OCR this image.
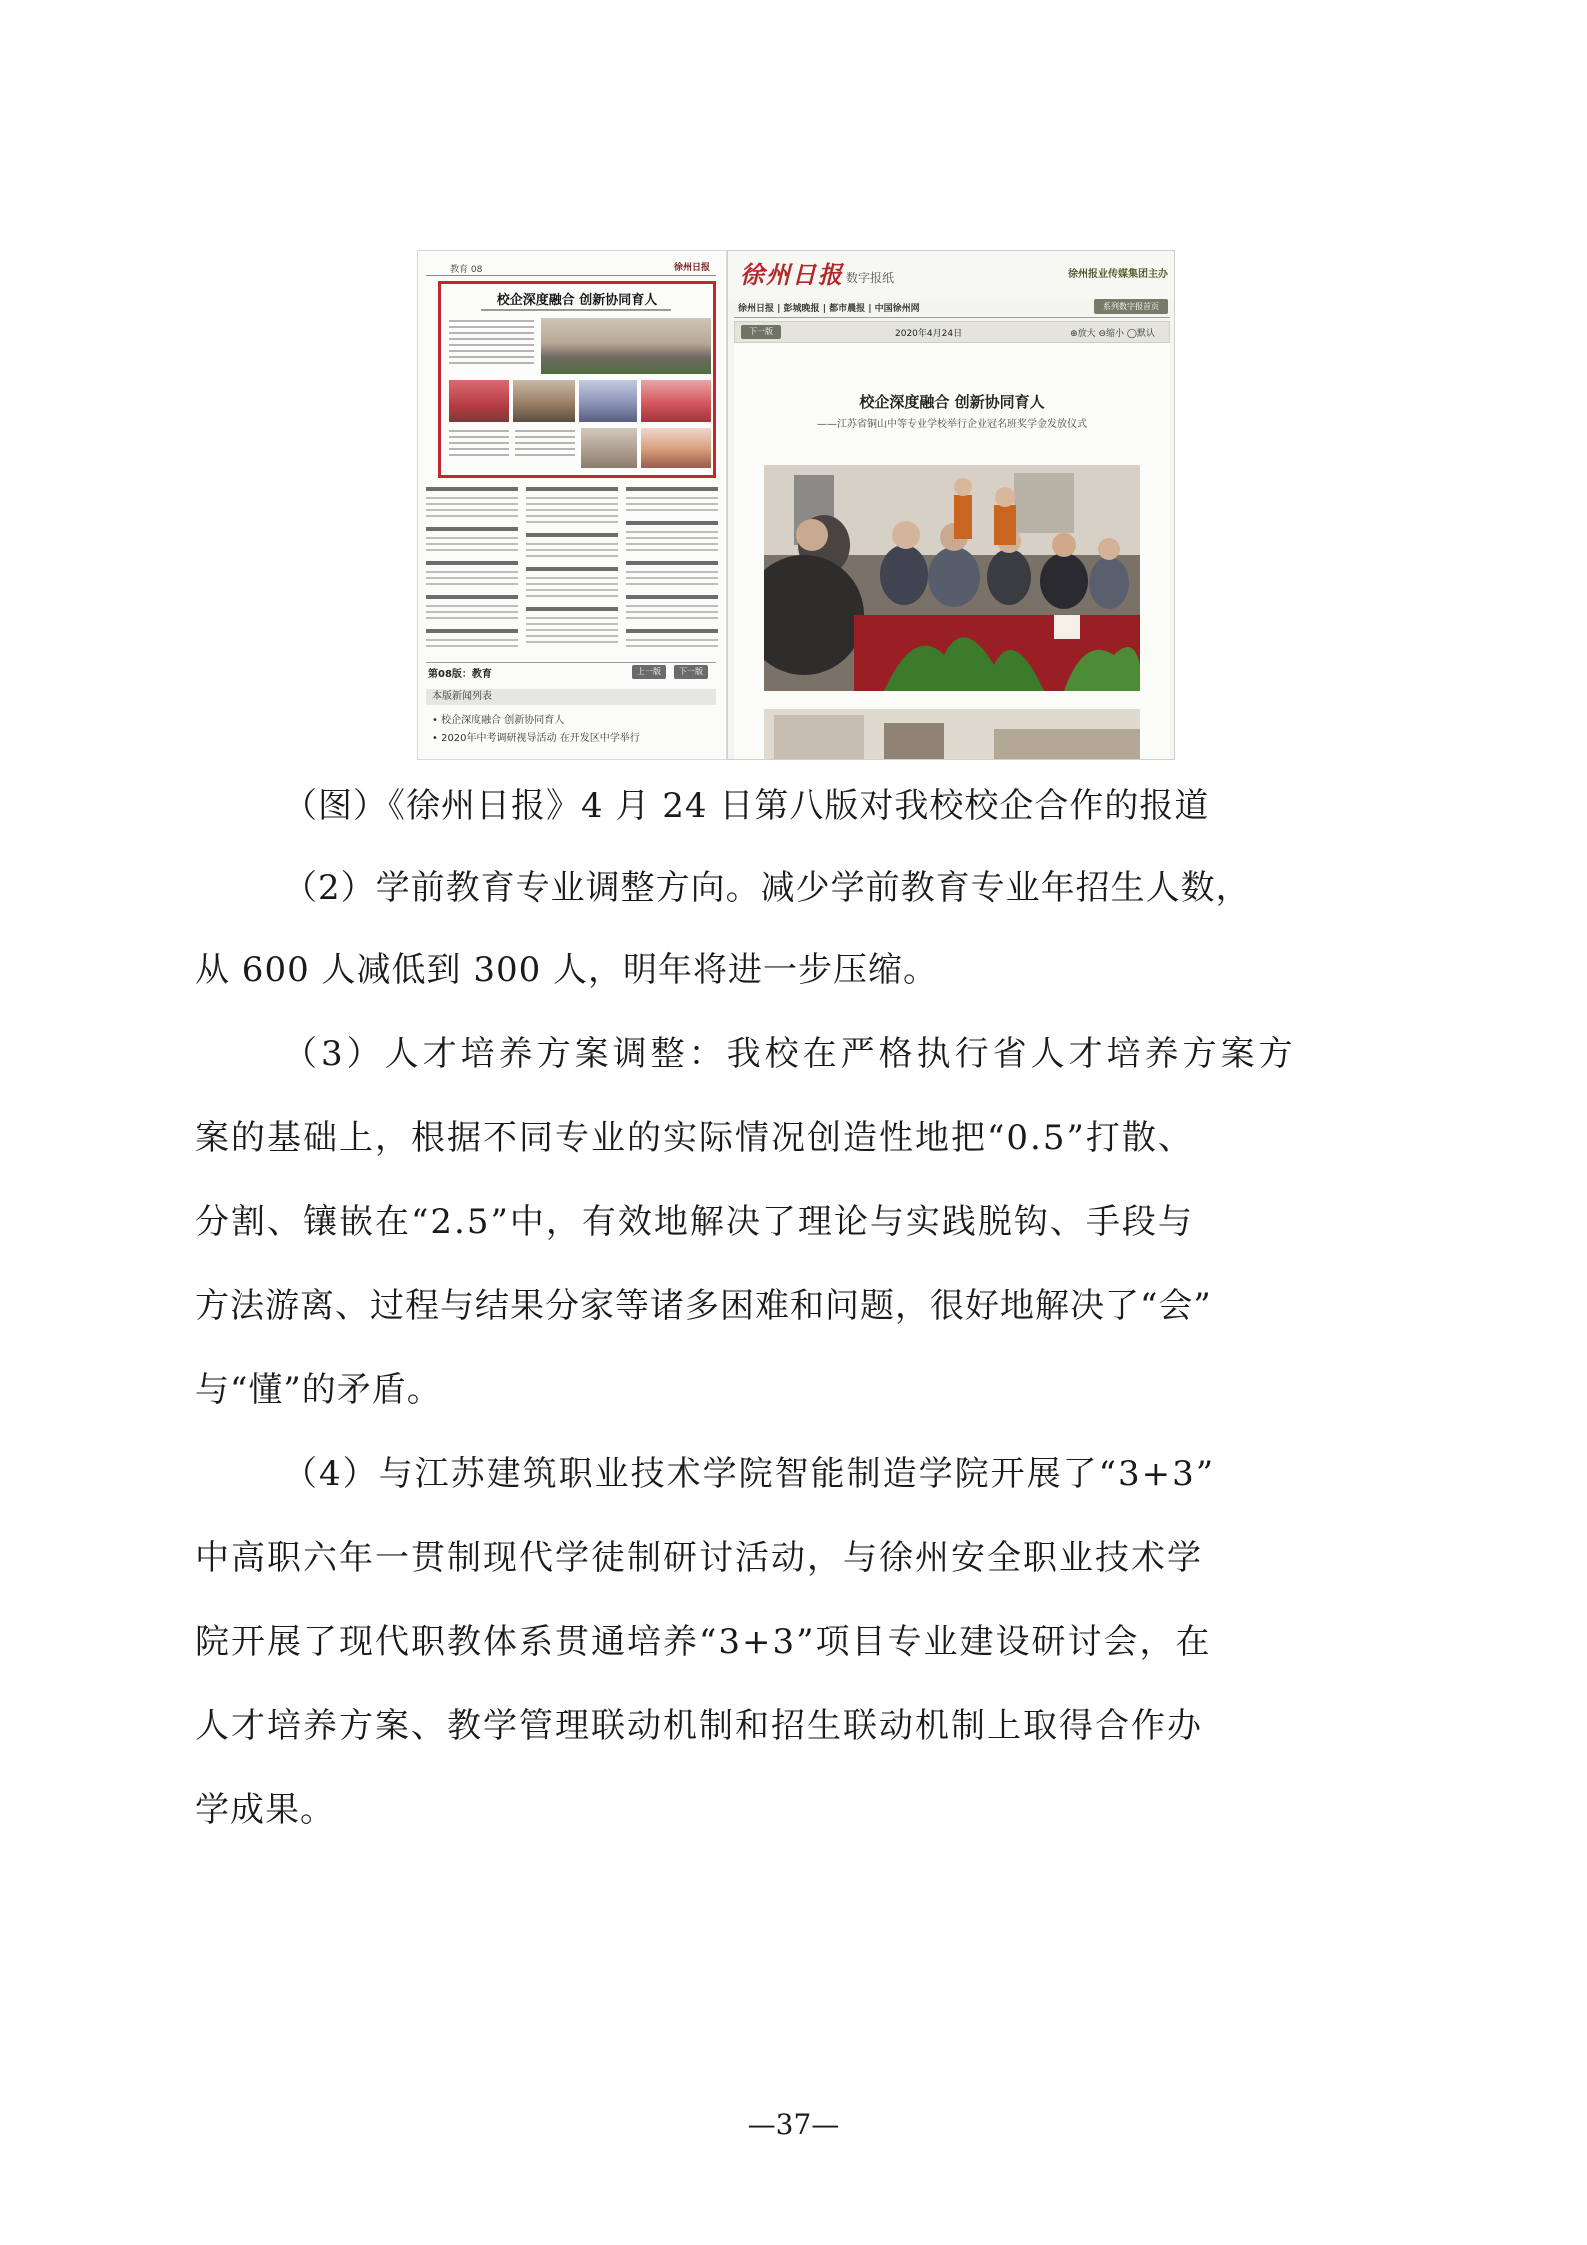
教育 08	徐州日报
校企深度融合 创新协同育人
第08版：教育	上一版	下一版
本版新闻列表
• 校企深度融合 创新协同育人
• 2020年中考调研视导活动 在开发区中学举行
徐州日报 数字报纸	徐州报业传媒集团主办
徐州日报 | 彭城晚报 | 都市晨报 | 中国徐州网	系列数字报首页
下一版	2020年4月24日	⊕放大 ⊖缩小 ◯默认
校企深度融合 创新协同育人
——江苏省铜山中等专业学校举行企业冠名班奖学金发放仪式
（图）《徐州日报》4 月 24 日第八版对我校校企合作的报道
（2）学前教育专业调整方向。减少学前教育专业年招生人数，
从 600 人减低到 300 人，明年将进一步压缩。
（3）人才培养方案调整：我校在严格执行省人才培养方案方
案的基础上，根据不同专业的实际情况创造性地把“0.5”打散、
分割、镶嵌在“2.5”中，有效地解决了理论与实践脱钩、手段与
方法游离、过程与结果分家等诸多困难和问题，很好地解决了“会”
与“懂”的矛盾。
（4）与江苏建筑职业技术学院智能制造学院开展了“3+3”
中高职六年一贯制现代学徒制研讨活动，与徐州安全职业技术学
院开展了现代职教体系贯通培养“3+3”项目专业建设研讨会，在
人才培养方案、教学管理联动机制和招生联动机制上取得合作办
学成果。
—37—
